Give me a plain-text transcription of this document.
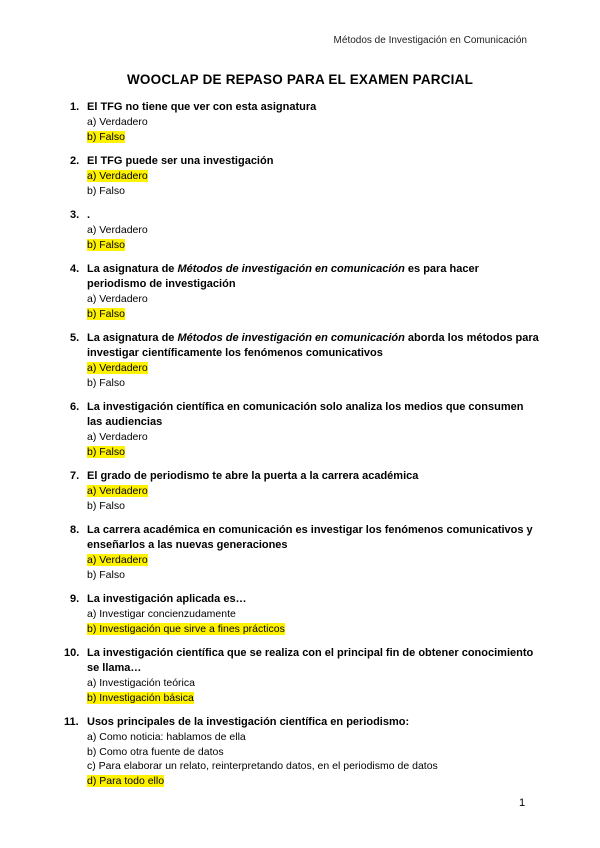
Métodos de Investigación en Comunicación
WOOCLAP DE REPASO PARA EL EXAMEN PARCIAL
1. El TFG no tiene que ver con esta asignatura
a) Verdadero
b) Falso
2. El TFG puede ser una investigación
a) Verdadero
b) Falso
3. .
a) Verdadero
b) Falso
4. La asignatura de Métodos de investigación en comunicación es para hacer periodismo de investigación
a) Verdadero
b) Falso
5. La asignatura de Métodos de investigación en comunicación aborda los métodos para investigar científicamente los fenómenos comunicativos
a) Verdadero
b) Falso
6. La investigación científica en comunicación solo analiza los medios que consumen las audiencias
a) Verdadero
b) Falso
7. El grado de periodismo te abre la puerta a la carrera académica
a) Verdadero
b) Falso
8. La carrera académica en comunicación es investigar los fenómenos comunicativos y enseñarlos a las nuevas generaciones
a) Verdadero
b) Falso
9. La investigación aplicada es…
a) Investigar concienzudamente
b) Investigación que sirve a fines prácticos
10. La investigación científica que se realiza con el principal fin de obtener conocimiento se llama…
a) Investigación teórica
b) Investigación básica
11. Usos principales de la investigación científica en periodismo:
a) Como noticia: hablamos de ella
b) Como otra fuente de datos
c) Para elaborar un relato, reinterpretando datos, en el periodismo de datos
d) Para todo ello
1
